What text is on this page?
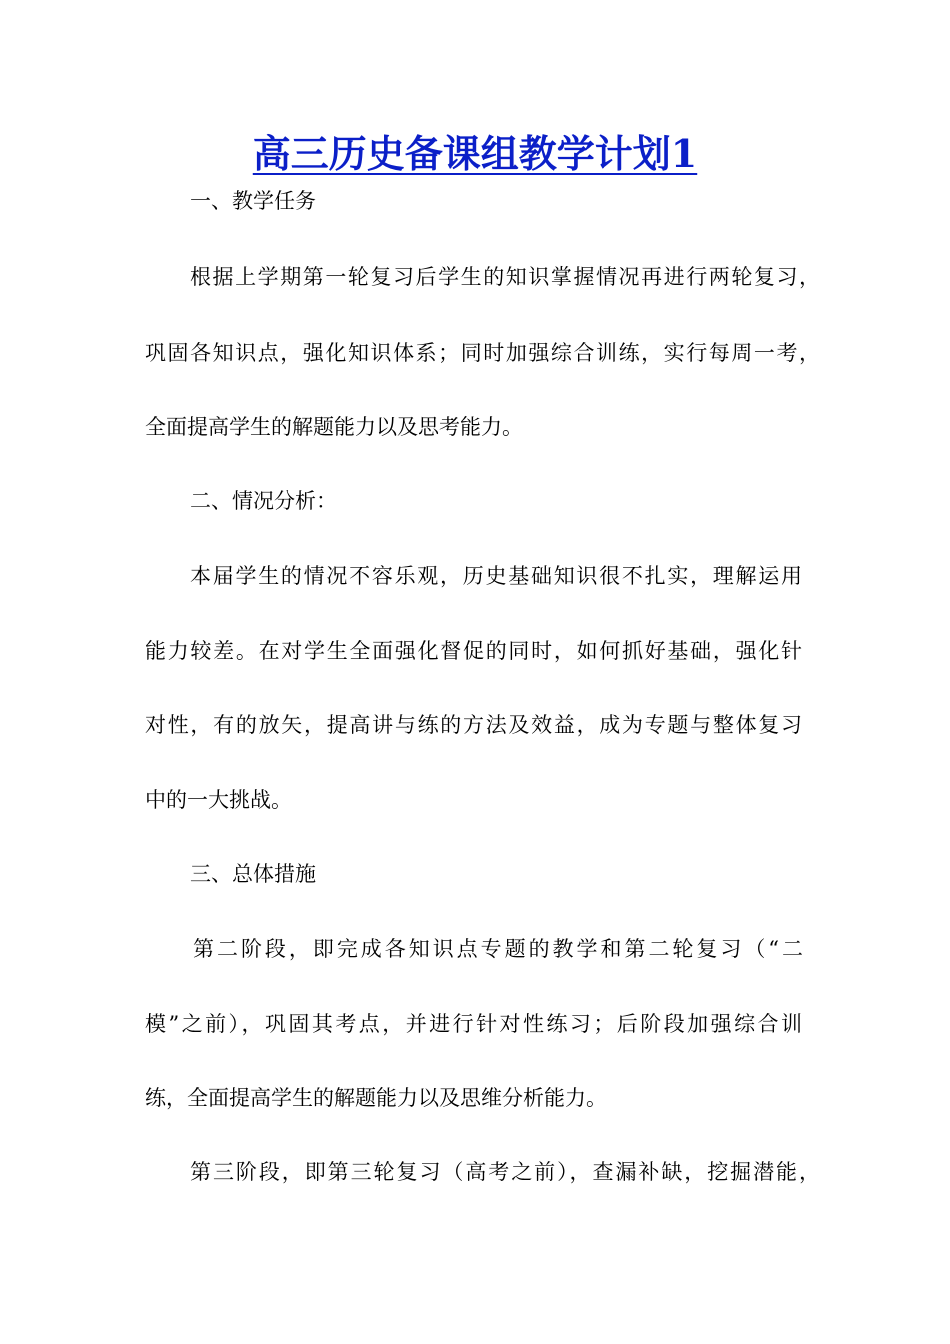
高三历史备课组教学计划1
一、教学任务
根据上学期第一轮复习后学生的知识掌握情况再进行两轮复习，
巩固各知识点，强化知识体系；同时加强综合训练，实行每周一考，
全面提高学生的解题能力以及思考能力。
二、情况分析：
本届学生的情况不容乐观，历史基础知识很不扎实，理解运用
能力较差。在对学生全面强化督促的同时，如何抓好基础，强化针
对性，有的放矢，提高讲与练的方法及效益，成为专题与整体复习
中的一大挑战。
三、总体措施
第二阶段，即完成各知识点专题的教学和第二轮复习（“二
模”之前），巩固其考点，并进行针对性练习；后阶段加强综合训
练，全面提高学生的解题能力以及思维分析能力。
第三阶段，即第三轮复习（高考之前），查漏补缺，挖掘潜能，
